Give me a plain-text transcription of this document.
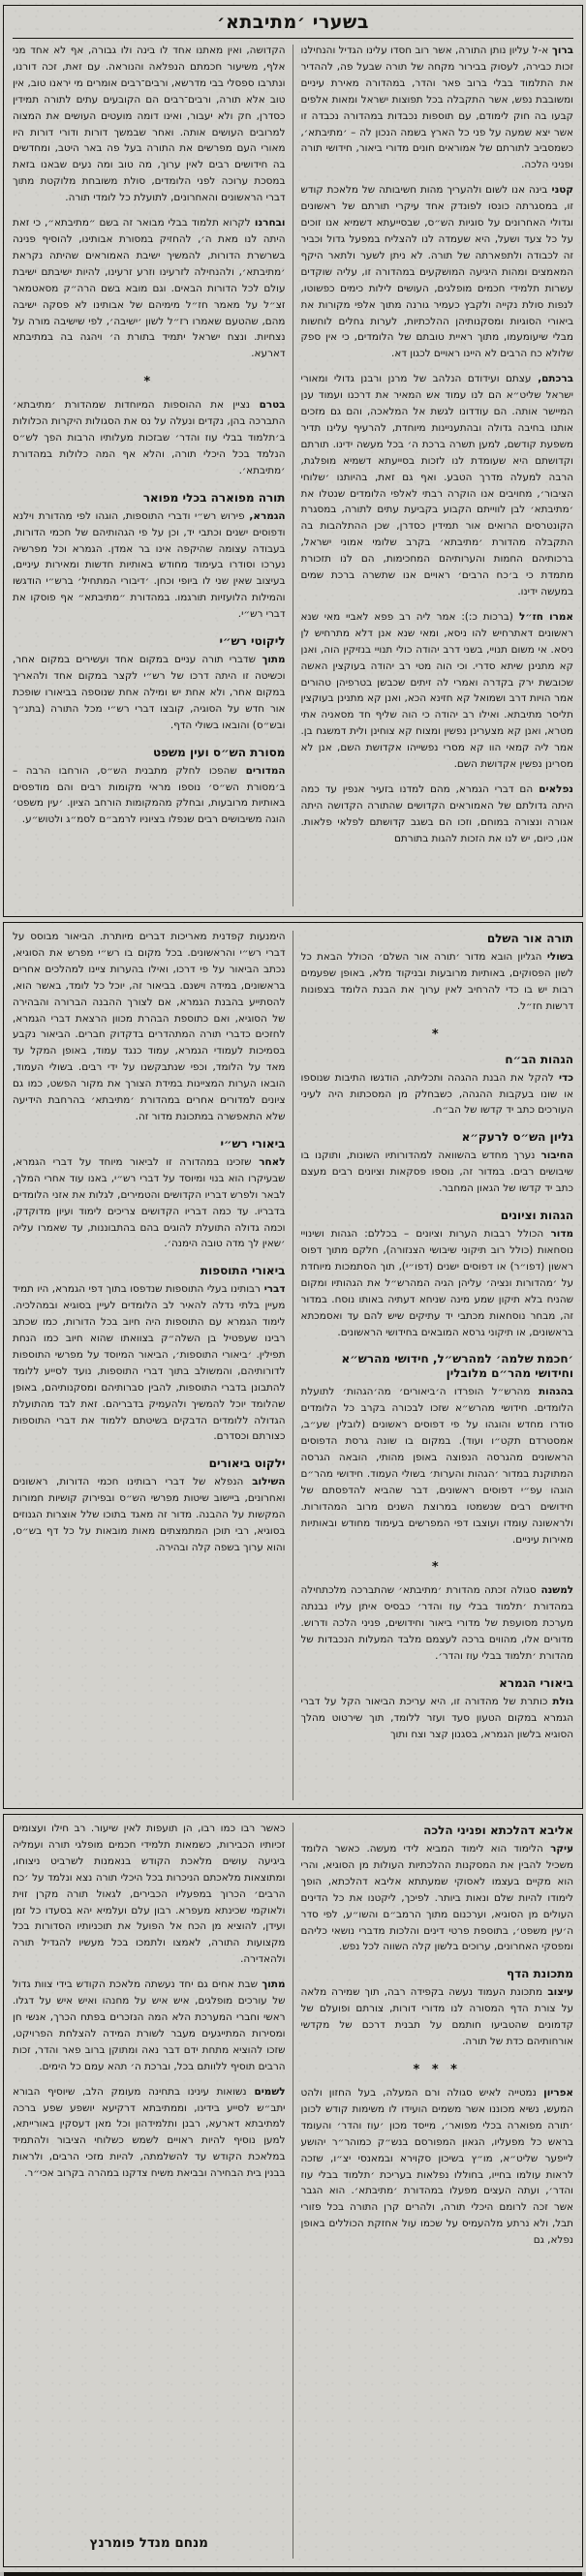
בשערי ׳מתיבתא׳

ברוך א-ל עליון נותן התורה, אשר רוב חסדו עלינו הגדיל והנחילנו זכות כבירה, לעסוק בבירור מקחה של תורה שבעל פה, לההדיר את התלמוד בבלי ברוב פאר והדר, במהדורה מאירת עיניים ומשובבת נפש, אשר התקבלה בכל תפוצות ישראל ומאות אלפים קבעו בה חוק לימודם, עם תוספות נכבדות במהדורה נכבדה זו אשר יצא שמעה על פני כל הארץ בשמה הנכון לה – ׳מתיבתא׳, כשמסביב לתורתם של אמוראים חונים מדורי ביאור, חידושי תורה ופניני הלכה.

קטני בינה אנו לשום ולהעריך מהות חשיבותה של מלאכת קודש זו, במסגרתה כונסו לפונדק אחד עיקרי תורתם של ראשונים וגדולי האחרונים על סוגיות הש״ס, שבסייעתא דשמיא אנו זוכים על כל צעד ושעל, היא שעמדה לנו להצליח במפעל גדול וכביר זה לכבודה ולתפארתה של תורה. לא ניתן לשער ולתאר היקף המאמצים ומהות היגיעה המושקעים במהדורה זו, עליה שוקדים עשרות תלמידי חכמים מופלגים, העושים לילות כימים כפשוטו, לנפות סולת נקייה ולקבץ כעמיר גורנה מתוך אלפי מקורות את ביאורי הסוגיות ומסקנותיהן ההלכתיות, לערות גחלים לוחשות מבלי שיעומעמו, מתוך ראיית טובתם של הלומדים, כי אין ספק שלולא כח הרבים לא היינו ראויים לכגון דא.

ברכתם, עצתם ועידודם הנלהב של מרנן ורבנן גדולי ומאורי ישראל שליט״א הם לנו עמוד אש המאיר את דרכנו ועמוד ענן המיישר אותה. הם עודדונו לגשת אל המלאכה, והם גם מזכים אותנו בחיבה גדולה ובהתעניינות מיוחדת, להרעיף עלינו תדיר משפעת קודשם, למען תשרה ברכת ה׳ בכל מעשה ידינו. תורתם וקדושתם היא שעומדת לנו לזכות בסייעתא דשמיא מופלגת, הרבה למעלה מדרך הטבע. ואף גם זאת, בהיותנו ׳שלוחי הציבור׳, מחויבים אנו הוקרה רבתי לאלפי הלומדים שנטלו את ׳מתיבתא׳ לבן לווייתם הקבוע בקביעת עתים לתורה, במסגרת הקונטרסים הרואים אור תמידין כסדרן, שכן ההתלהבות בה התקבלה מהדורת ׳מתיבתא׳ בקרב שלומי אמוני ישראל, ברכותיהם החמות והערותיהם המחכימות, הם לנו תזכורת מתמדת כי ב׳כח הרבים׳ ראויים אנו שתשרה ברכת שמים במעשה ידינו.

אמרו חז״ל (ברכות כ:): אמר ליה רב פפא לאביי מאי שנא ראשונים דאתרחיש להו ניסא, ומאי שנא אנן דלא מתרחיש לן ניסא. אי משום תנויי, בשני דרב יהודה כולי תנויי בנזיקין הוה, ואנן קא מתנינן שיתא סדרי. וכי הוה מטי רב יהודה בעוקצין האשה שכובשת ירק בקדרה ואמרי לה זיתים שכבשן בטרפיהן טהורים אמר הויות דרב ושמואל קא חזינא הכא, ואנן קא מתנינן בעוקצין תליסר מתיבתא. ואילו רב יהודה כי הוה שליף חד מסאניה אתי מטרא, ואנן קא מצערינן נפשין ומצוח קא צוחינן ולית דמשגח בן. אמר ליה קמאי הוו קא מסרי נפשייהו אקדושת השם, אנן לא מסרינן נפשין אקדושת השם.

נפלאים הם דברי הגמרא, מהם למדנו בזעיר אנפין עד כמה היתה גדולתם של האמוראים הקדושים שהתורה הקדושה היתה אגורה ונצורה במוחם, וזכו הם בשגב קדושתם לפלאי פלאות. אנו, כיום, יש לנו את הזכות להגות בתורתם

הקדושה, ואין מאתנו אחד לו בינה ולו גבורה, אף לא אחד מני אלף, משיעור חכמתם הנפלאה והנוראה. עם זאת, זכה דורנו, ונתרבו ספסלי בבי מדרשא, ורבים־רבים אומרים מי יראנו טוב, אין טוב אלא תורה, ורבים־רבים הם הקובעים עתים לתורה תמידין כסדרן, חק ולא יעבור, ואינו דומה מועטים העושים את המצוה למרובים העושים אותה. ואחר שבמשך דורות ודורי דורות היו מאורי העם מפרשים את התורה בעל פה באר היטב, ומחדשים בה חידושים רבים לאין ערוך, מה טוב ומה נעים שבאנו בזאת במסכת ערוכה לפני הלומדים, סולת משובחת מלוקטת מתוך דברי הראשונים והאחרונים, לתועלת כל לומדי תורה.

ובחרנו לקרוא תלמוד בבלי מבואר זה בשם ״מתיבתא״, כי זאת היתה לנו מאת ה׳, להחזיק במסורת אבותינו, להוסיף פנינה בשרשרת הדורות, להמשיך ישיבת האמוראים שהיתה נקראת ׳מתיבתא׳, ולהנחילה לזרעינו וזרע זרעינו, להיות ישיבתם ישיבת עולם לכל הדורות הבאים. וגם מובא בשם הרה״ק מסאטמאר זצ״ל על מאמר חז״ל מימיהם של אבותינו לא פסקה ישיבה מהם, שהטעם שאמרו רז״ל לשון ׳ישיבה׳, לפי שישיבה מורה על נצחיות. ונצח ישראל יתמיד בתורת ה׳ ויהגה בה במתיבתא דארעא.

*

בטרם נציין את ההוספות המיוחדות שמהדורת ׳מתיבתא׳ התברכה בהן, נקדים ונעלה על נס את הסגולות היקרות הכלולות ב׳תלמוד בבלי עוז והדר׳ שבזכות מעלותיו הרבות הפך לש״ס הנלמד בכל היכלי תורה, והלא אף המה כלולות במהדורת ׳מתיבתא׳.

תורה מפוארה בכלי מפואר

הגמרא, פירוש רש״י ודברי התוספות, הוגהו לפי מהדורת וילנא ודפוסים ישנים וכתבי יד, וכן על פי הגהותיהם של חכמי הדורות, בעבודה עצומה שהיקפה אינו בר אמדן. הגמרא וכל מפרשיה נערכו וסודרו בעימוד מחודש באותיות חדשות ומאירות עיניים, בעיצוב שאין שני לו ביופי וכחן. ׳דיבורי המתחיל׳ ברש״י הודגשו והמילות הלועזיות תורגמו. במהדורת ״מתיבתא״ אף פוסקו את דברי רש״י.

ליקוטי רש״י

מתוך שדברי תורה עניים במקום אחד ועשירים במקום אחר, וכשיטה זו היתה דרכו של רש״י לקצר במקום אחד ולהאריך במקום אחר, ולא אחת יש ומילה אחת שנוספה בביאורו שופכת אור חדש על הסוגיה, קובצו דברי רש״י מכל התורה (בתנ״ך ובש״ס) והובאו בשולי הדף.

מסורת הש״ס ועין משפט

המדורים שהפכו לחלק מתבנית הש״ס, הורחבו הרבה – ב׳מסורת הש״ס׳ נוספו מראי מקומות רבים והם מודפסים באותיות מרובעות, ובחלק מהמקומות הורחב הציון. ׳עין משפט׳ הוגה משיבושים רבים שנפלו בציוניו לרמב״ם לסמ״ג ולטוש״ע.

תורה אור השלם

בשולי הגליון הובא מדור ׳תורה אור השלם׳ הכולל הבאת כל לשון הפסוקים, באותיות מרובעות ובניקוד מלא, באופן שפעמים רבות יש בו כדי להרחיב לאין ערוך את הבנת הלומד בצפונות דרשות חז״ל.

*
הגהות הב״ח

כדי להקל את הבנת ההגהה ותכליתה, הודגשו התיבות שנוספו או שונו בעקבות ההגהה, כשבחלק מן המסכתות היה לעיני העורכים כתב יד קדשו של הב״ח.

גליון הש״ס לרעק״א

החיבור נערך מחדש בהשוואה למהדורותיו השונות, ותוקנו בו שיבושים רבים. במדור זה, נוספו פסקאות וציונים רבים מעצם כתב יד קדשו של הגאון המחבר.

הגהות וציונים

מדור הכולל רבבות הערות וציונים – בכללם: הגהות ושינויי נוסחאות (כולל רוב תיקוני שיבושי הצנזורה), חלקם מתוך דפוס ראשון (דפו״ר) או דפוסים ישנים (דפו״י), תוך הסתמכות מיוחדת על ׳מהדורות ונציה׳ עליהן הגיה המהרש״ל את הגהותיו ומקום שהניח בלא תיקון שמע מינה שניחא דעתיה באותו נוסח. במדור זה, מבחר נוסחאות מכתבי יד עתיקים שיש להם עד ואסמכתא בראשונים, או תיקוני גרסא המובאים בחידושי הראשונים.

׳חכמת שלמה׳ למהרש״ל, חידושי מהרש״א וחידושי מהר״ם מלובלין

בהגהות מהרש״ל הופרדו ה׳ביאורים׳ מה׳הגהות׳ לתועלת הלומדים. חידושי מהרש״א שזכו לבכורה בקרב כל הלומדים סודרו מחדש והוגהו על פי דפוסים ראשונים (לובלין שע״ב, אמסטרדם תקט״ו ועוד). במקום בו שונה גרסת הדפוסים הראשונים מהגרסה הנפוצה באופן מהותי, הובאה הגרסה המתוקנת במדור ׳הגהות והערות׳ בשולי העמוד. חידושי מהר״ם הוגהו עפ״י דפוסים ראשונים, דבר שהביא להדפסתם של חידושים רבים שנשמטו במרוצת השנים מרוב המהדורות. ולראשונה עומדו ועוצבו דפי המפרשים בעימוד מחודש ובאותיות מאירות עיניים.

*

למשנה סגולה זכתה מהדורת ׳מתיבתא׳ שהתברכה מלכתחילה במהדורת ׳תלמוד בבלי עוז והדר׳ כבסיס איתן עליו נבנתה מערכת מסועפת של מדורי ביאור וחידושים, פניני הלכה ודרוש. מדורים אלו, מהווים ברכה לעצמם מלבד המעלות הנכבדות של מהדורת ׳תלמוד בבלי עוז והדר׳.

ביאורי הגמרא

גולת כותרת של מהדורה זו, היא עריכת הביאור הקל על דברי הגמרא במקום הטעון סעד ועזר ללומד, תוך שירטוט מהלך הסוגיא בלשון הגמרא, בסגנון קצר וצח ותוך

הימנעות קפדנית מאריכות דברים מיותרת. הביאור מבוסס על דברי רש״י והראשונים. בכל מקום בו רש״י מפרש את הסוגיא, נכתב הביאור על פי דרכו, ואילו בהערות ציינו למהלכים אחרים בראשונים, במידה וישנם. בביאור זה, יוכל כל לומד, באשר הוא, להסתייע בהבנת הגמרא, אם לצורך ההבנה הברורה והבהירה של הסוגיא, ואם כתוספת הבהרת מכוון הרצאת דברי הגמרא, לחזכים כדברי תורה המתהדרים בדקדוק חברים. הביאור נקבע בסמיכות לעמודי הגמרא, עמוד כנגד עמוד, באופן המקל עד מאד על הלומד, וכפי שנתבקשנו על ידי רבים. בשולי העמוד, הובאו הערות המציינות במידת הצורך את מקור הפשט, כמו גם ציונים למדורים אחרים במהדורת ׳מתיבתא׳ בהרחבת הידיעה שלא התאפשרה במתכונת מדור זה.

ביאורי רש״י

לאחר שזכינו במהדורה זו לביאור מיוחד על דברי הגמרא, שבעיקרו הוא בנוי ומיוסד על דברי רש״י, באנו עוד אחרי המלך, לבאר ולפרש דבריו הקדושים והטמירים, לגלות את אזני הלומדים בדבריו. עד כמה דבריו הקדושים צריכים לימוד ועיון מדוקדק, וכמה גדולה התועלת להוגים בהם בהתבוננות, עד שאמרו עליה ׳שאין לך מדה טובה הימנה׳.

ביאורי התוספות

דברי רבותינו בעלי התוספות שנדפסו בתוך דפי הגמרא, היו תמיד מעיין בלתי נדלה להאיר לב הלומדים לעיין בסוגיא ובמהלכיה. לימוד הגמרא עם התוספות היה חיוב בכל הדורות, כמו שכתב רבינו שעפטיל בן השלה״ק בצוואתו שהוא חיוב כמו הנחת תפילין. ׳ביאורי התוספות׳, הביאור המיוסד על מפרשי התוספות לדורותיהם, והמשולב בתוך דברי התוספות, נועד לסייע ללומד להתבונן בדברי התוספות, להבין סברותיהם ומסקנותיהם, באופן שהלומד יוכל להמשיך ולהעמיק בדבריהם. זאת לבד מהתועלת הגדולה ללומדים הדבקים בשיטתם ללמוד את דברי התוספות כצורתם וכסדרם.

ילקוט ביאורים

השילוב הנפלא של דברי רבותינו חכמי הדורות, ראשונים ואחרונים, ביישוב שיטות מפרשי הש״ס ובפירוק קושיות חמורות המקשות על ההבנה. מדור זה מאגד בתוכו שלל אוצרות הגנוזים בסוגיא, רבי תוכן המתמצתים מאות מובאות על כל דף בש״ס, והוא ערוך בשפה קלה ובהירה.

אליבא דהלכתא ופניני הלכה

עיקר הלימוד הוא לימוד המביא לידי מעשה. כאשר הלומד משכיל להבין את המסקנות ההלכתיות העולות מן הסוגיא, והרי הוא מקיים בעצמו לאסוקי שמעתתא אליבא דהלכתא, הופך לימודו להיות שלם ונאות ביותר. לפיכך, ליקטנו את כל הדינים העולים מן הסוגיא, וערכנום מתוך הרמב״ם והשו״ע, לפי סדר ה׳עין משפט׳, בתוספת פרטי דינים והלכות מדברי נושאי כליהם ומפסקי האחרונים, ערוכים בלשון קלה השווה לכל נפש.

מתכונת הדף

עיצוב מתכונת העמוד נעשה בקפידה רבה, תוך שמירה מלאה על צורת הדף המסורה לנו מדורי דורות, צורתם ופועלם של קדמונים שהטביעו חותמם על תבנית דרכם של מקדשי אורחותיהם כדת של תורה.

* * *

אפריון נמטייה לאיש סגולה ורם המעלה, בעל החזון ולהט המעש, נשיא מכוננו אשר משמים הועידו לו משימות קודש לכונן ׳תורה מפוארה בכלי מפואר׳, מייסד מכון ׳עוז והדר׳ והעומד בראש כל מפעליו, הגאון המפורסם בנש״ק כמוהר״ר יהושע לייפער שליט״א, מו״ץ בשיכון סקוירא ובמאנסי יצ״ו, שזכה לראות עולמו בחייו, בחוללו נפלאות בעריכת ׳תלמוד בבלי עוז והדר׳, ועתה העצים מפעלו במהדורת ׳מתיבתא׳. הוא הגבר אשר זכה לרומם היכלי תורה, ולהרים קרן התורה בכל פזורי תבל, ולא נרתע מלהעמיס על שכמו עול אחזקת הכוללים באופן נפלא, גם

כאשר רבו כמו רבו, הן תועפות לאין שיעור. רב חילו ועצומים זכיותיו הכבירות, כשמאות תלמידי חכמים מופלגי תורה ועמליה ביגיעה עושים מלאכת הקודש בנאמנות לשרביט ניצוחו, ומתוצאות מלאכתם הניכרות בכל היכלי תורה נצא ונלמד על ׳כח הרבים׳ הכרוך במפעליו הכבירים, לגאול תורה מקרן זוית ולאוקמי שכינתא מעפרא. רבון עלם ועלמיא יהא בסעדו כל זמן ועידן, להוציא מן הכח אל הפועל את תוכניותיו הסדורות בכל מקצועות התורה, לאמצו ולתמכו בכל מעשיו להגדיל תורה ולהאדירה.

מתוך שבת אחים גם יחד נעשתה מלאכת הקודש בידי צוות גדול של עורכים מופלגים, איש איש על מחנהו ואיש איש על דגלו. ראשי וחברי המערכת הלא המה הנזכרים בפתח הכרך, אנשי חן ומסירות המתייגעים מעבר לשורת המידה להצלחת הפרויקט, שזכו להוציא מתחת ידם דבר נאה ומתוקן ברוב פאר והדר, זכות הרבים תוסיף ללוותם בכל, וברכת ה׳ תהא עמם כל הימים.

לשמים נשואות עינינו בתחינה מעומק הלב, שיוסיף הבורא יתב״ש לסייע בידינו, וממתיבתא דרקיעא יושפע שפע ברכה למתיבתא דארעא, רבנן ותלמידהון וכל מאן דעסקין באורייתא, למען נוסיף להיות ראויים לשמש כשלוחי הציבור ולהתמיד במלאכת הקודש עד להשלמתה, להיות מזכי הרבים, ולראות בבנין בית הבחירה ובביאת משיח צדקנו במהרה בקרוב אכי״ר.

מנחם מנדל פומרנץ
